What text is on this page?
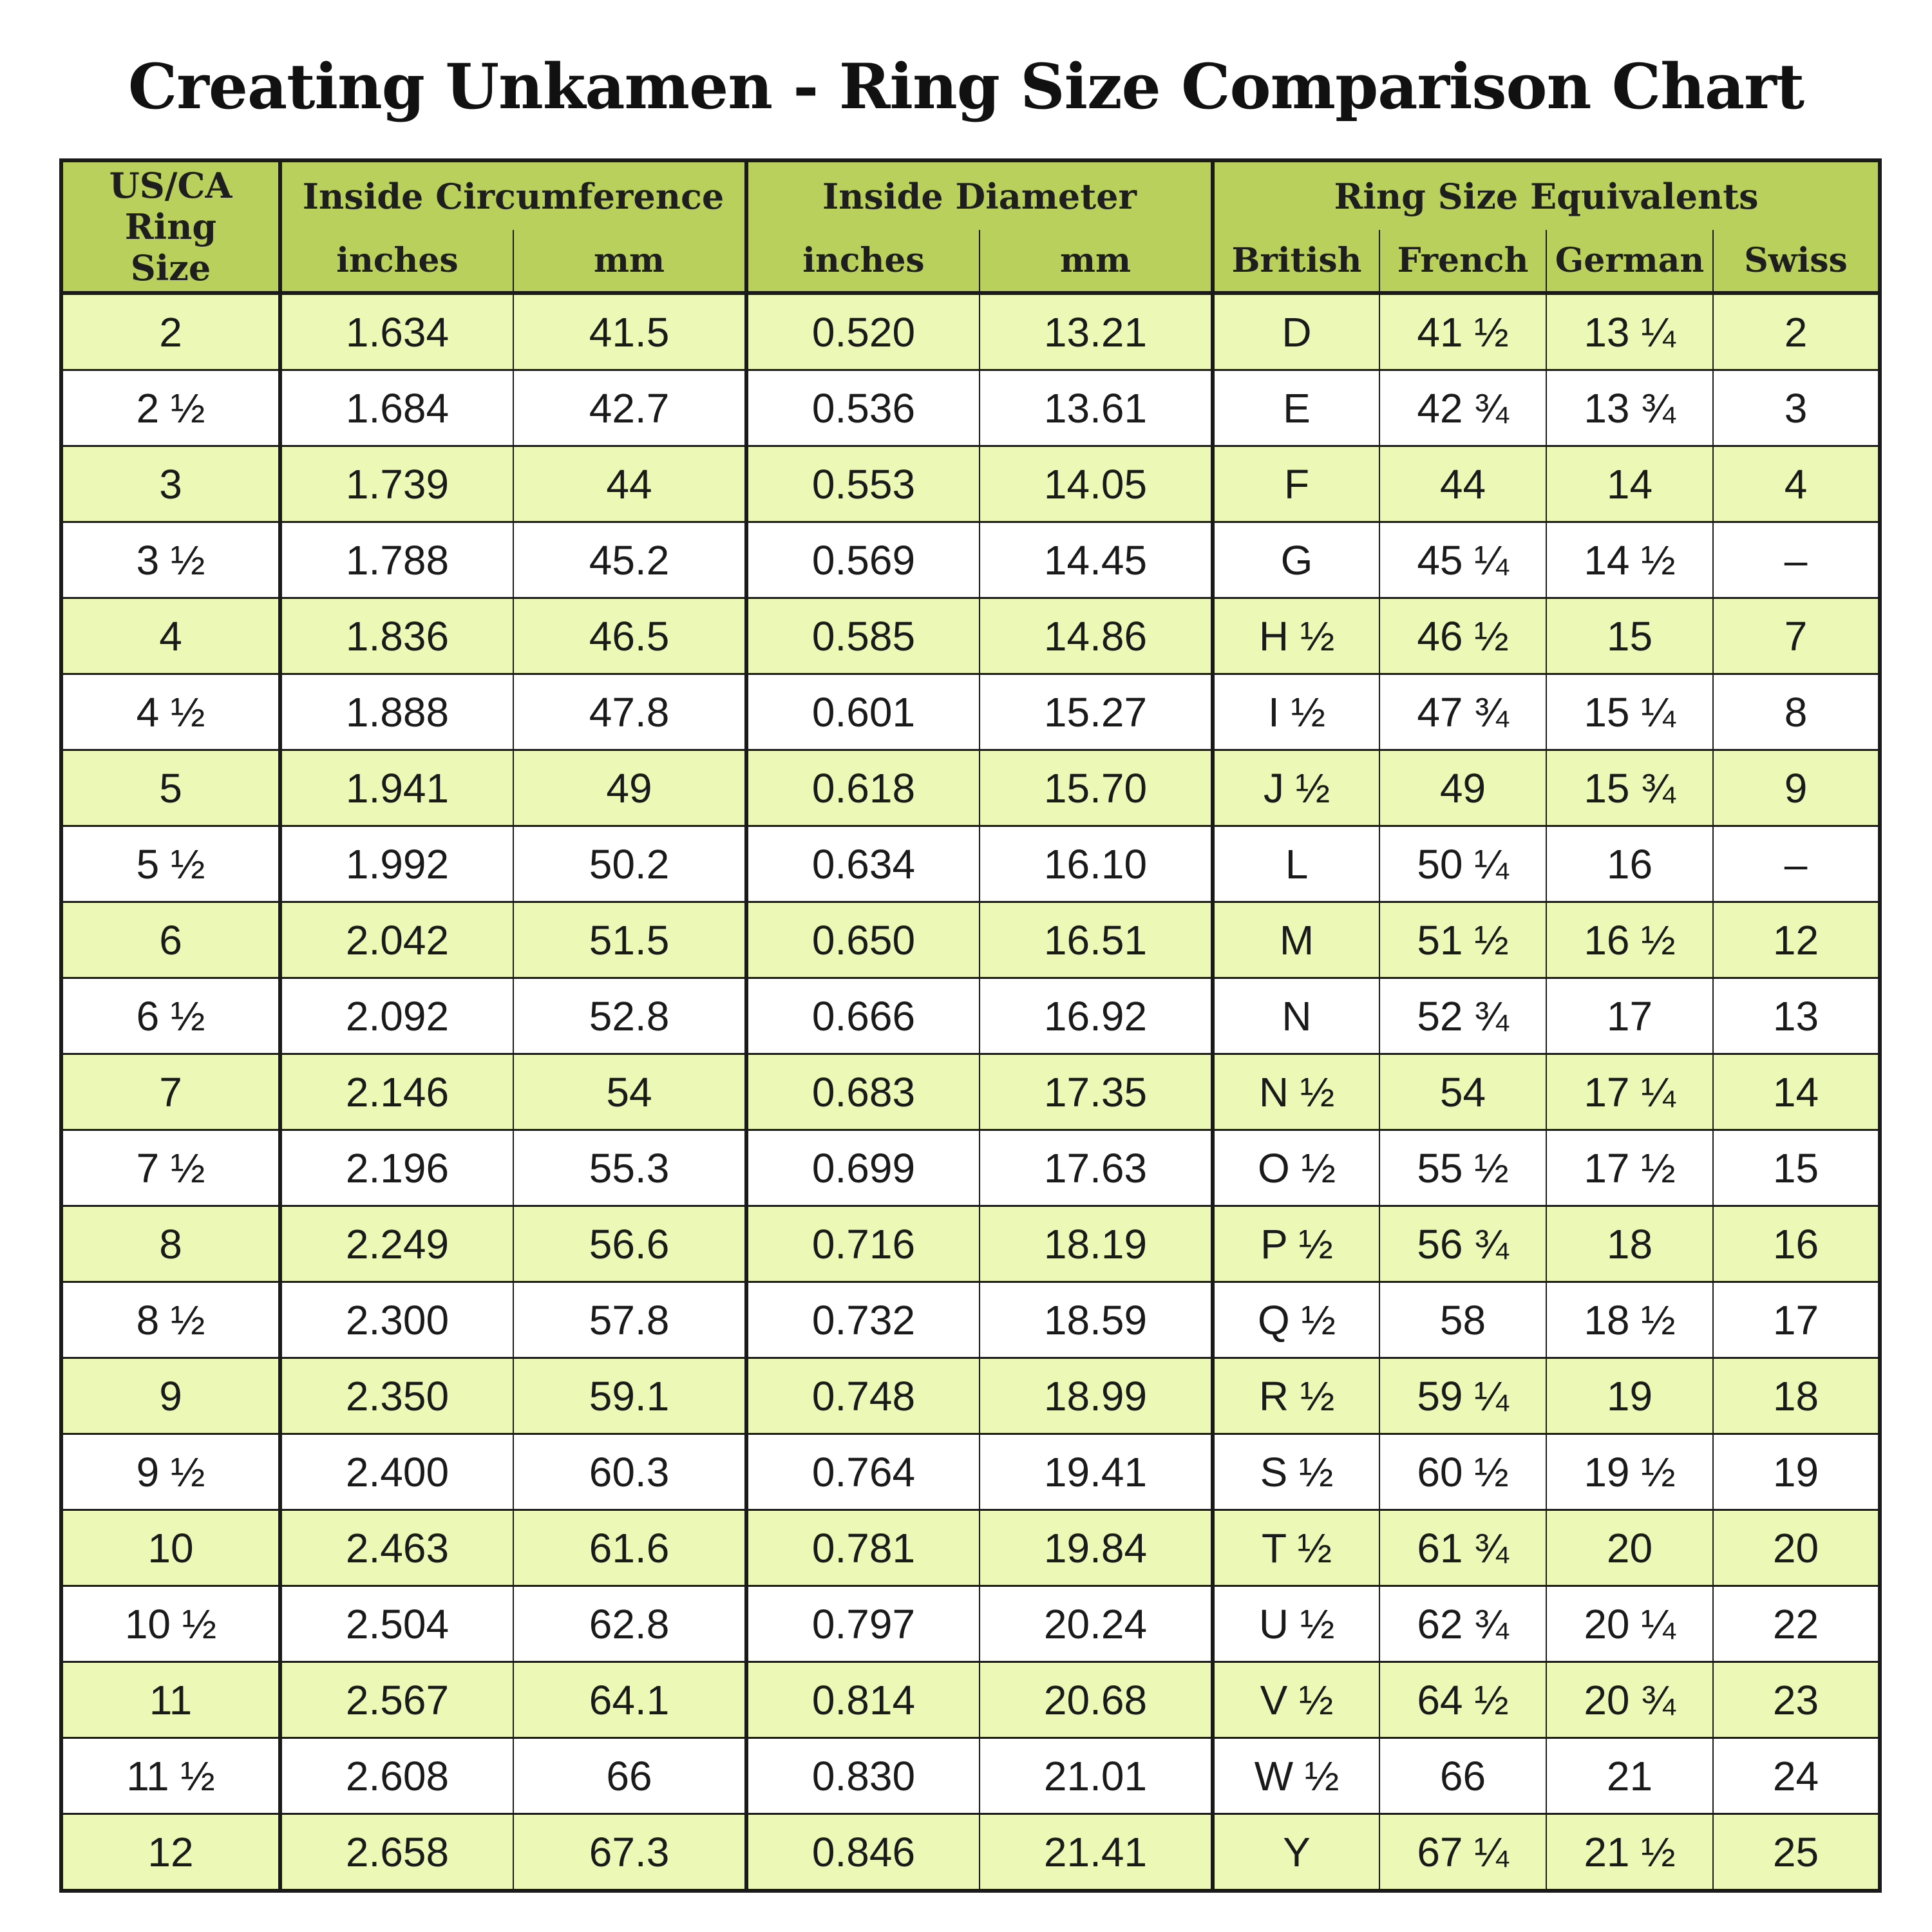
Creating Unkamen - Ring Size Comparison Chart
US/CA Ring Size	Inside Circumference		Inside Diameter		Ring Size Equivalents			
	inches	mm	inches	mm	British	French	German	Swiss
2	1.634	41.5	0.520	13.21	D	41 ½	13 ¼	2
2 ½	1.684	42.7	0.536	13.61	E	42 ¾	13 ¾	3
3	1.739	44	0.553	14.05	F	44	14	4
3 ½	1.788	45.2	0.569	14.45	G	45 ¼	14 ½	–
4	1.836	46.5	0.585	14.86	H ½	46 ½	15	7
4 ½	1.888	47.8	0.601	15.27	I ½	47 ¾	15 ¼	8
5	1.941	49	0.618	15.70	J ½	49	15 ¾	9
5 ½	1.992	50.2	0.634	16.10	L	50 ¼	16	–
6	2.042	51.5	0.650	16.51	M	51 ½	16 ½	12
6 ½	2.092	52.8	0.666	16.92	N	52 ¾	17	13
7	2.146	54	0.683	17.35	N ½	54	17 ¼	14
7 ½	2.196	55.3	0.699	17.63	O ½	55 ½	17 ½	15
8	2.249	56.6	0.716	18.19	P ½	56 ¾	18	16
8 ½	2.300	57.8	0.732	18.59	Q ½	58	18 ½	17
9	2.350	59.1	0.748	18.99	R ½	59 ¼	19	18
9 ½	2.400	60.3	0.764	19.41	S ½	60 ½	19 ½	19
10	2.463	61.6	0.781	19.84	T ½	61 ¾	20	20
10 ½	2.504	62.8	0.797	20.24	U ½	62 ¾	20 ¼	22
11	2.567	64.1	0.814	20.68	V ½	64 ½	20 ¾	23
11 ½	2.608	66	0.830	21.01	W ½	66	21	24
12	2.658	67.3	0.846	21.41	Y	67 ¼	21 ½	25
